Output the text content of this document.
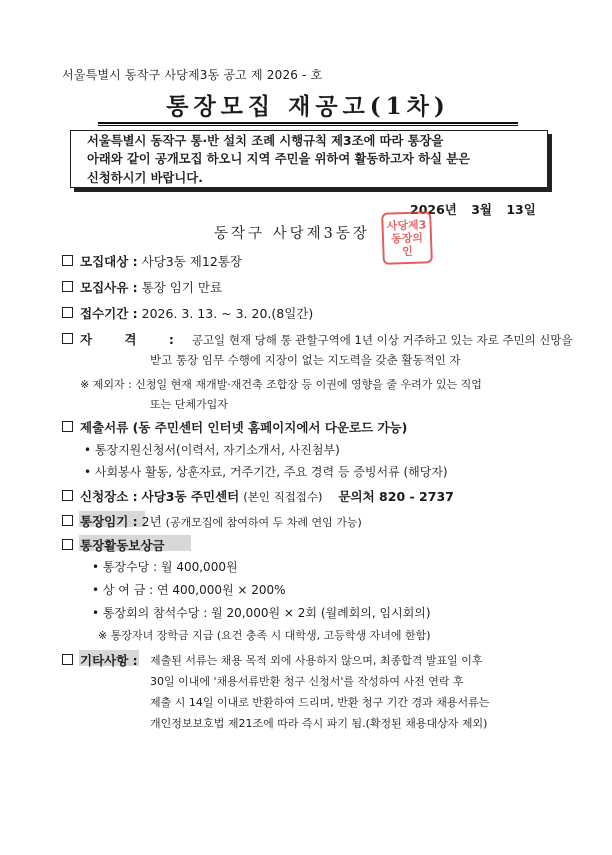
서울특별시 동작구 사당제3동 공고 제 2026 - 호
통장모집 재공고(1차)
서울특별시 동작구 통·반 설치 조례 시행규칙 제3조에 따라 통장을
아래와 같이 공개모집 하오니 지역 주민을 위하여 활동하고자 하실 분은
신청하시기 바랍니다.
2026년 3월 13일
동작구 사당제3동장
사당제3
동장의인
모집대상 : 사당3동 제12통장
모집사유 : 통장 임기 만료
접수기간 : 2026. 3. 13. ~ 3. 20.(8일간)
자 격 : 공고일 현재 당해 통 관할구역에 1년 이상 거주하고 있는 자로 주민의 신망을
받고 통장 임무 수행에 지장이 없는 지도력을 갖춘 활동적인 자
※ 제외자 : 신청일 현재 재개발·재건축 조합장 등 이권에 영향을 줄 우려가 있는 직업
또는 단체가입자
제출서류 (동 주민센터 인터넷 홈페이지에서 다운로드 가능)
• 통장지원신청서(이력서, 자기소개서, 사진첨부)
• 사회봉사 활동, 상훈자료, 거주기간, 주요 경력 등 증빙서류 (해당자)
신청장소 : 사당3동 주민센터 (본인 직접접수) 문의처 820 - 2737
통장임기 : 2년 (공개모집에 참여하여 두 차례 연임 가능)
통장활동보상금
• 통장수당 : 월 400,000원
• 상 여 금 : 연 400,000원 × 200%
• 통장회의 참석수당 : 월 20,000원 × 2회 (월례회의, 임시회의)
※ 통장자녀 장학금 지급 (요건 충족 시 대학생, 고등학생 자녀에 한함)
기타사항 : 제출된 서류는 채용 목적 외에 사용하지 않으며, 최종합격 발표일 이후
30일 이내에 '채용서류반환 청구 신청서'를 작성하여 사전 연락 후
제출 시 14일 이내로 반환하여 드리며, 반환 청구 기간 경과 채용서류는
개인정보보호법 제21조에 따라 즉시 파기 됨.(확정된 채용대상자 제외)
